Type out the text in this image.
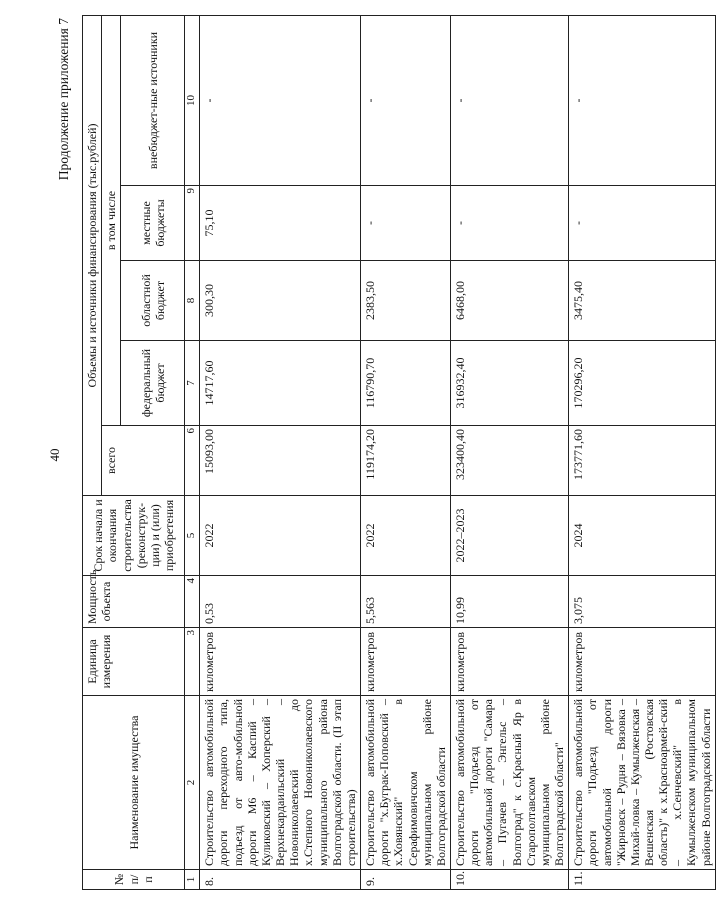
40
Продолжение приложения 7
№ п/п	Наименование имущества	Единица измерения	Мощность объекта	Срок начала и окончания строительства (реконструк-ции) и (или) приобретения	Объемы и источники финансирования (тыс.рублей)				
					всего	в том числе			
						федеральный бюджет	областной бюджет	местные бюджеты	внебюджет-ные источники
1	2	3	4	5	6	7	8	9	10
8.	Строительство автомобильной дороги переходного типа, подъезд от авто-мобильной дороги М6 – Каспий – Куликовский – Хоперский – Верхнекардаильский – Новониколаевский до х.Степного Новониколаевского муниципального района Волгоградской области. (II этап строительства)	километров	0,53	2022	15093,00	14717,60	300,30	75,10	-
9.	Строительство автомобильной дороги "х.Буграк-Поповский – х.Ховянский" в Серафимовичском муниципальном районе Волгоградской области	километров	5,563	2022	119174,20	116790,70	2383,50	-	-
10.	Строительство автомобильной дороги "Подъезд от автомобильной дороги "Самара – Пугачев – Энгельс – Волгоград" к с.Красный Яр в Старополтавском муниципальном районе Волгоградской области"	километров	10,99	2022–2023	323400,40	316932,40	6468,00	-	-
11.	Строительство автомобильной дороги "Подъезд от автомобильной дороги "Жирновск – Рудня – Вязовка – Михай-ловка – Кумылженская – Вешенская (Ростовская область)" к х.Красноармей-ский – х.Сенчевский" в Кумылженском муниципальном районе Волгоградской области	километров	3,075	2024	173771,60	170296,20	3475,40	-	-
